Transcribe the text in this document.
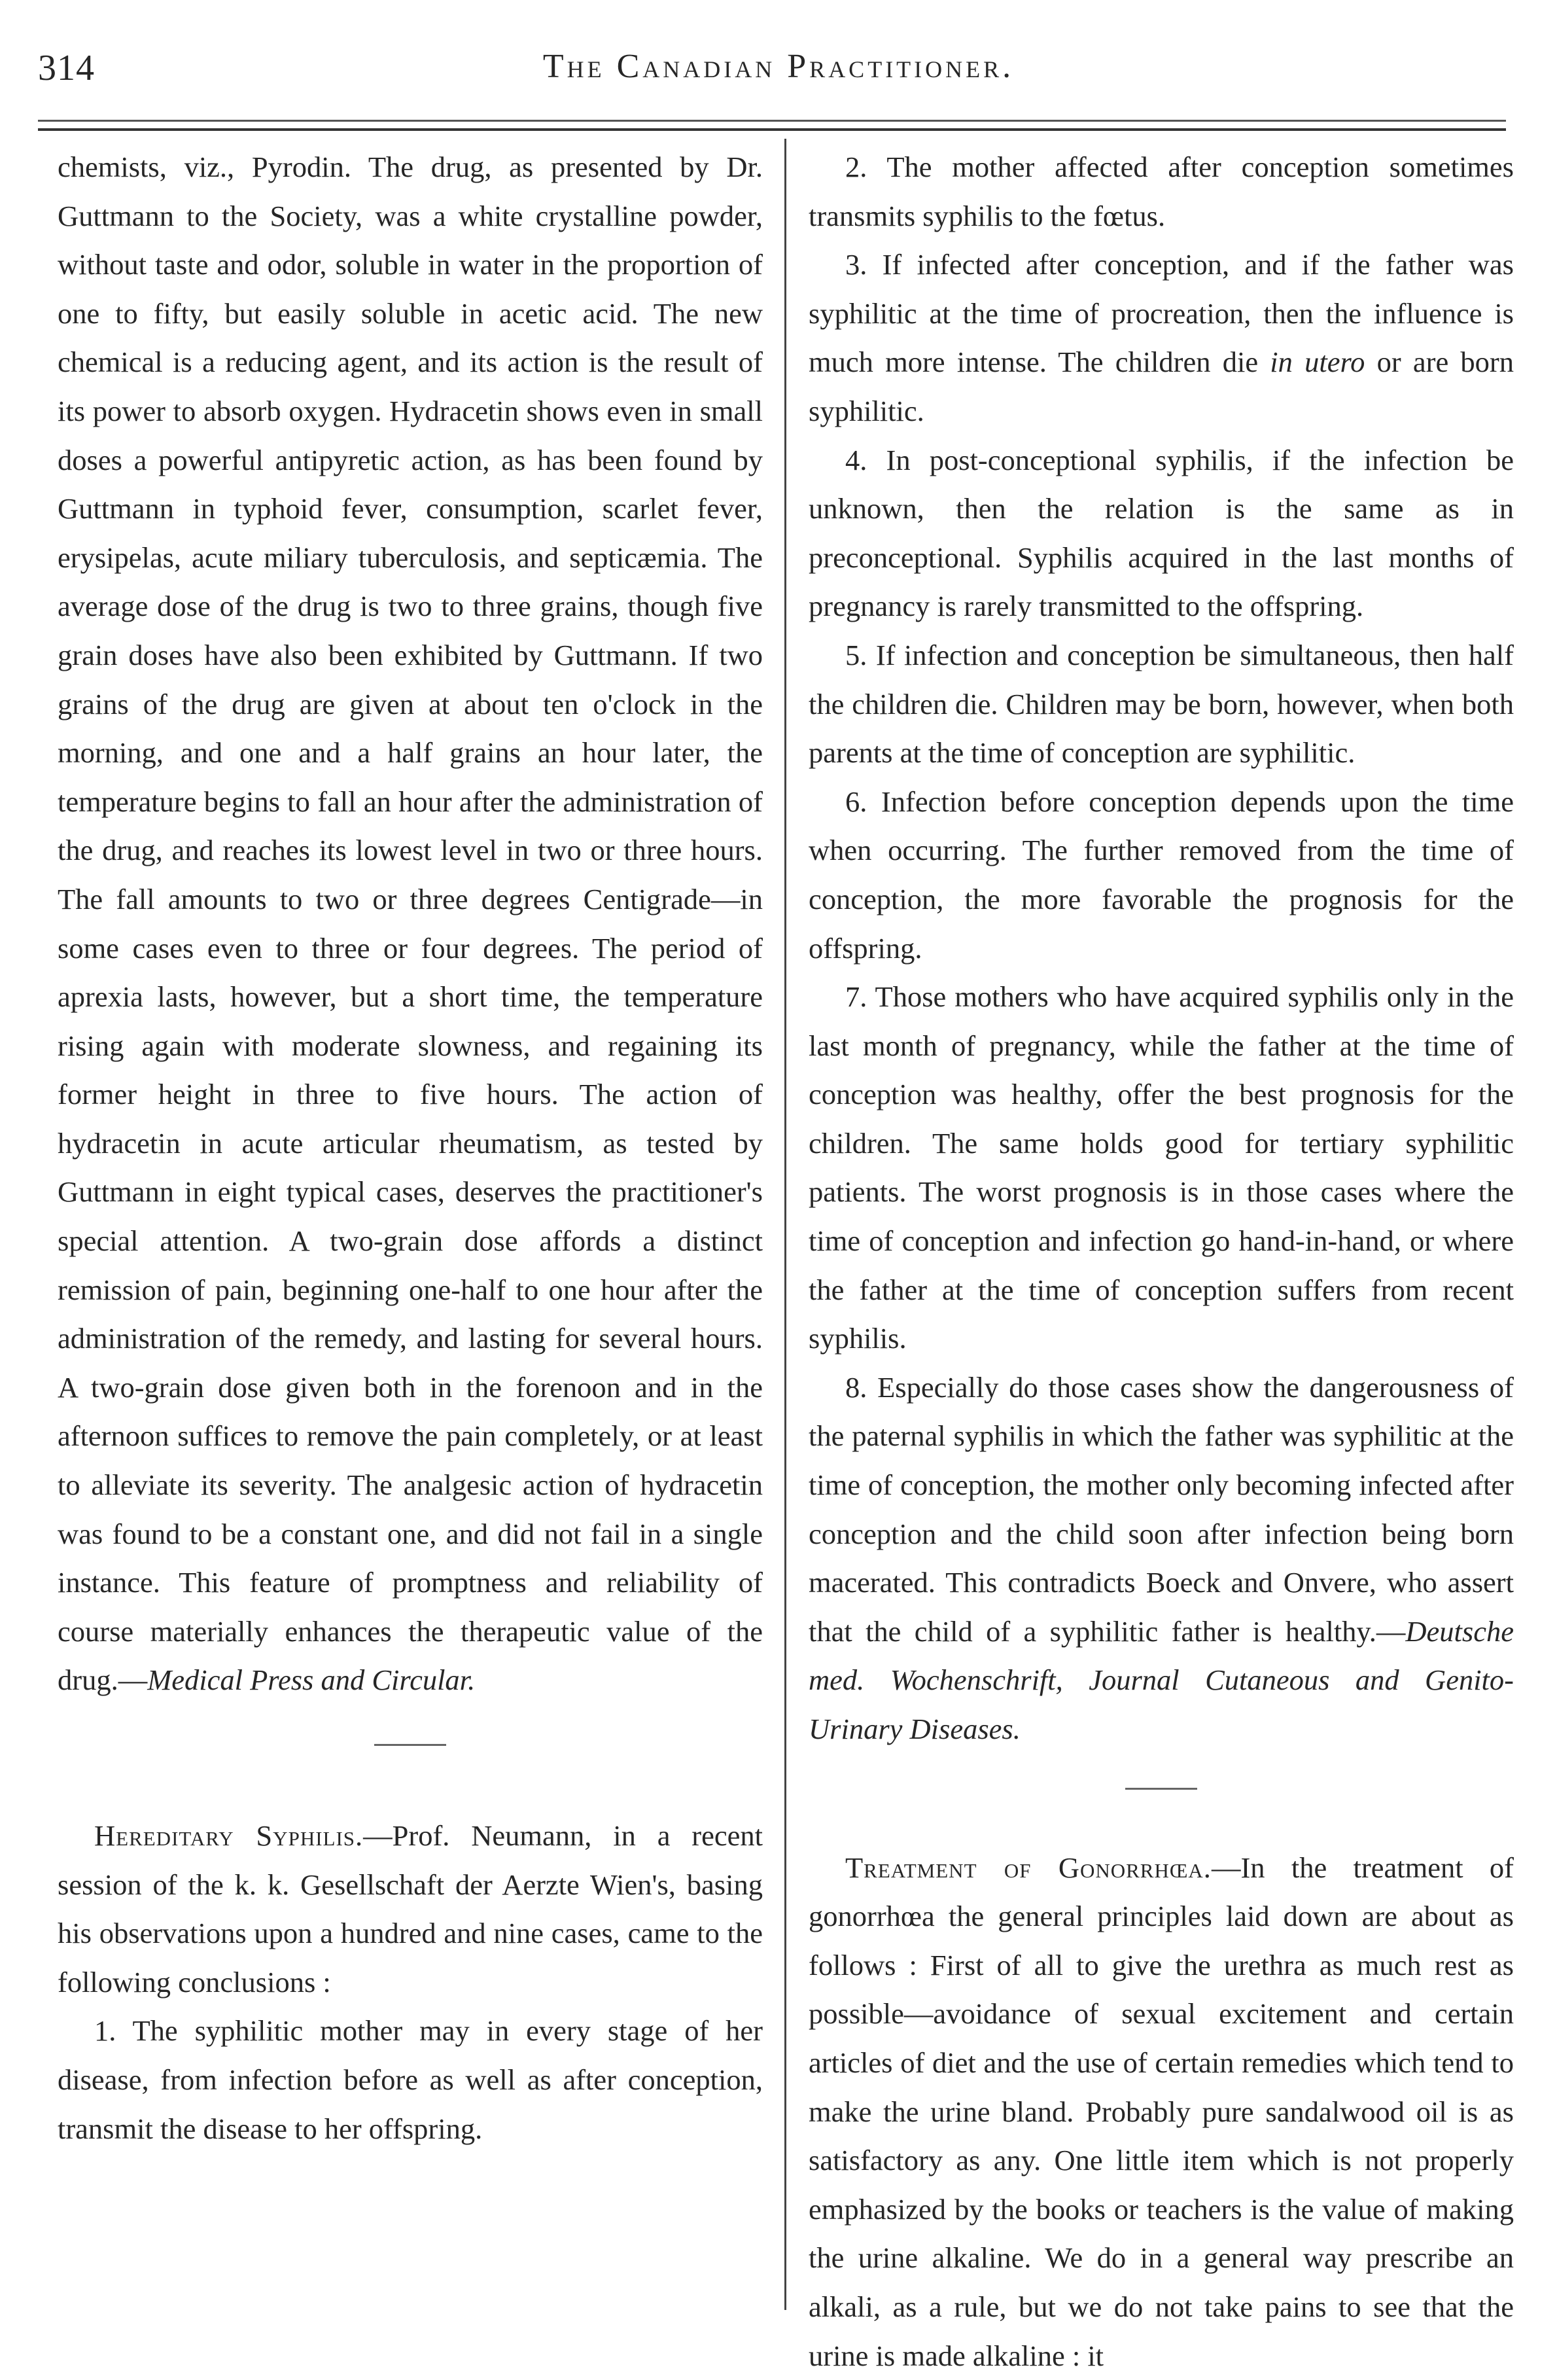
314	The Canadian Practitioner.

chemists, viz., Pyrodin. The drug, as presented by Dr. Guttmann to the Society, was a white crystalline powder, without taste and odor, soluble in water in the proportion of one to fifty, but easily soluble in acetic acid. The new chemical is a reducing agent, and its action is the result of its power to absorb oxygen. Hydracetin shows even in small doses a powerful antipyretic action, as has been found by Guttmann in typhoid fever, consumption, scarlet fever, erysipelas, acute miliary tuberculosis, and septicæmia. The average dose of the drug is two to three grains, though five grain doses have also been exhibited by Guttmann. If two grains of the drug are given at about ten o'clock in the morning, and one and a half grains an hour later, the temperature begins to fall an hour after the administration of the drug, and reaches its lowest level in two or three hours. The fall amounts to two or three degrees Centigrade—in some cases even to three or four degrees. The period of aprexia lasts, however, but a short time, the temperature rising again with moderate slowness, and regaining its former height in three to five hours. The action of hydracetin in acute articular rheumatism, as tested by Guttmann in eight typical cases, deserves the practitioner's special attention. A two-grain dose affords a distinct remission of pain, beginning one-half to one hour after the administration of the remedy, and lasting for several hours. A two-grain dose given both in the forenoon and in the afternoon suffices to remove the pain completely, or at least to alleviate its severity. The analgesic action of hydracetin was found to be a constant one, and did not fail in a single instance. This feature of promptness and reliability of course materially enhances the therapeutic value of the drug.—Medical Press and Circular.

Hereditary Syphilis.—Prof. Neumann, in a recent session of the k. k. Gesellschaft der Aerzte Wien's, basing his observations upon a hundred and nine cases, came to the following conclusions :

1. The syphilitic mother may in every stage of her disease, from infection before as well as after conception, transmit the disease to her offspring.

2. The mother affected after conception sometimes transmits syphilis to the fœtus.

3. If infected after conception, and if the father was syphilitic at the time of procreation, then the influence is much more intense. The children die in utero or are born syphilitic.

4. In post-conceptional syphilis, if the infection be unknown, then the relation is the same as in preconceptional. Syphilis acquired in the last months of pregnancy is rarely transmitted to the offspring.

5. If infection and conception be simultaneous, then half the children die. Children may be born, however, when both parents at the time of conception are syphilitic.

6. Infection before conception depends upon the time when occurring. The further removed from the time of conception, the more favorable the prognosis for the offspring.

7. Those mothers who have acquired syphilis only in the last month of pregnancy, while the father at the time of conception was healthy, offer the best prognosis for the children. The same holds good for tertiary syphilitic patients. The worst prognosis is in those cases where the time of conception and infection go hand-in-hand, or where the father at the time of conception suffers from recent syphilis.

8. Especially do those cases show the dangerousness of the paternal syphilis in which the father was syphilitic at the time of conception, the mother only becoming infected after conception and the child soon after infection being born macerated. This contradicts Boeck and Onvere, who assert that the child of a syphilitic father is healthy.—Deutsche med. Wochenschrift, Journal Cutaneous and Genito-Urinary Diseases.

Treatment of Gonorrhœa.—In the treatment of gonorrhœa the general principles laid down are about as follows : First of all to give the urethra as much rest as possible—avoidance of sexual excitement and certain articles of diet and the use of certain remedies which tend to make the urine bland. Probably pure sandalwood oil is as satisfactory as any. One little item which is not properly emphasized by the books or teachers is the value of making the urine alkaline. We do in a general way prescribe an alkali, as a rule, but we do not take pains to see that the urine is made alkaline : it
